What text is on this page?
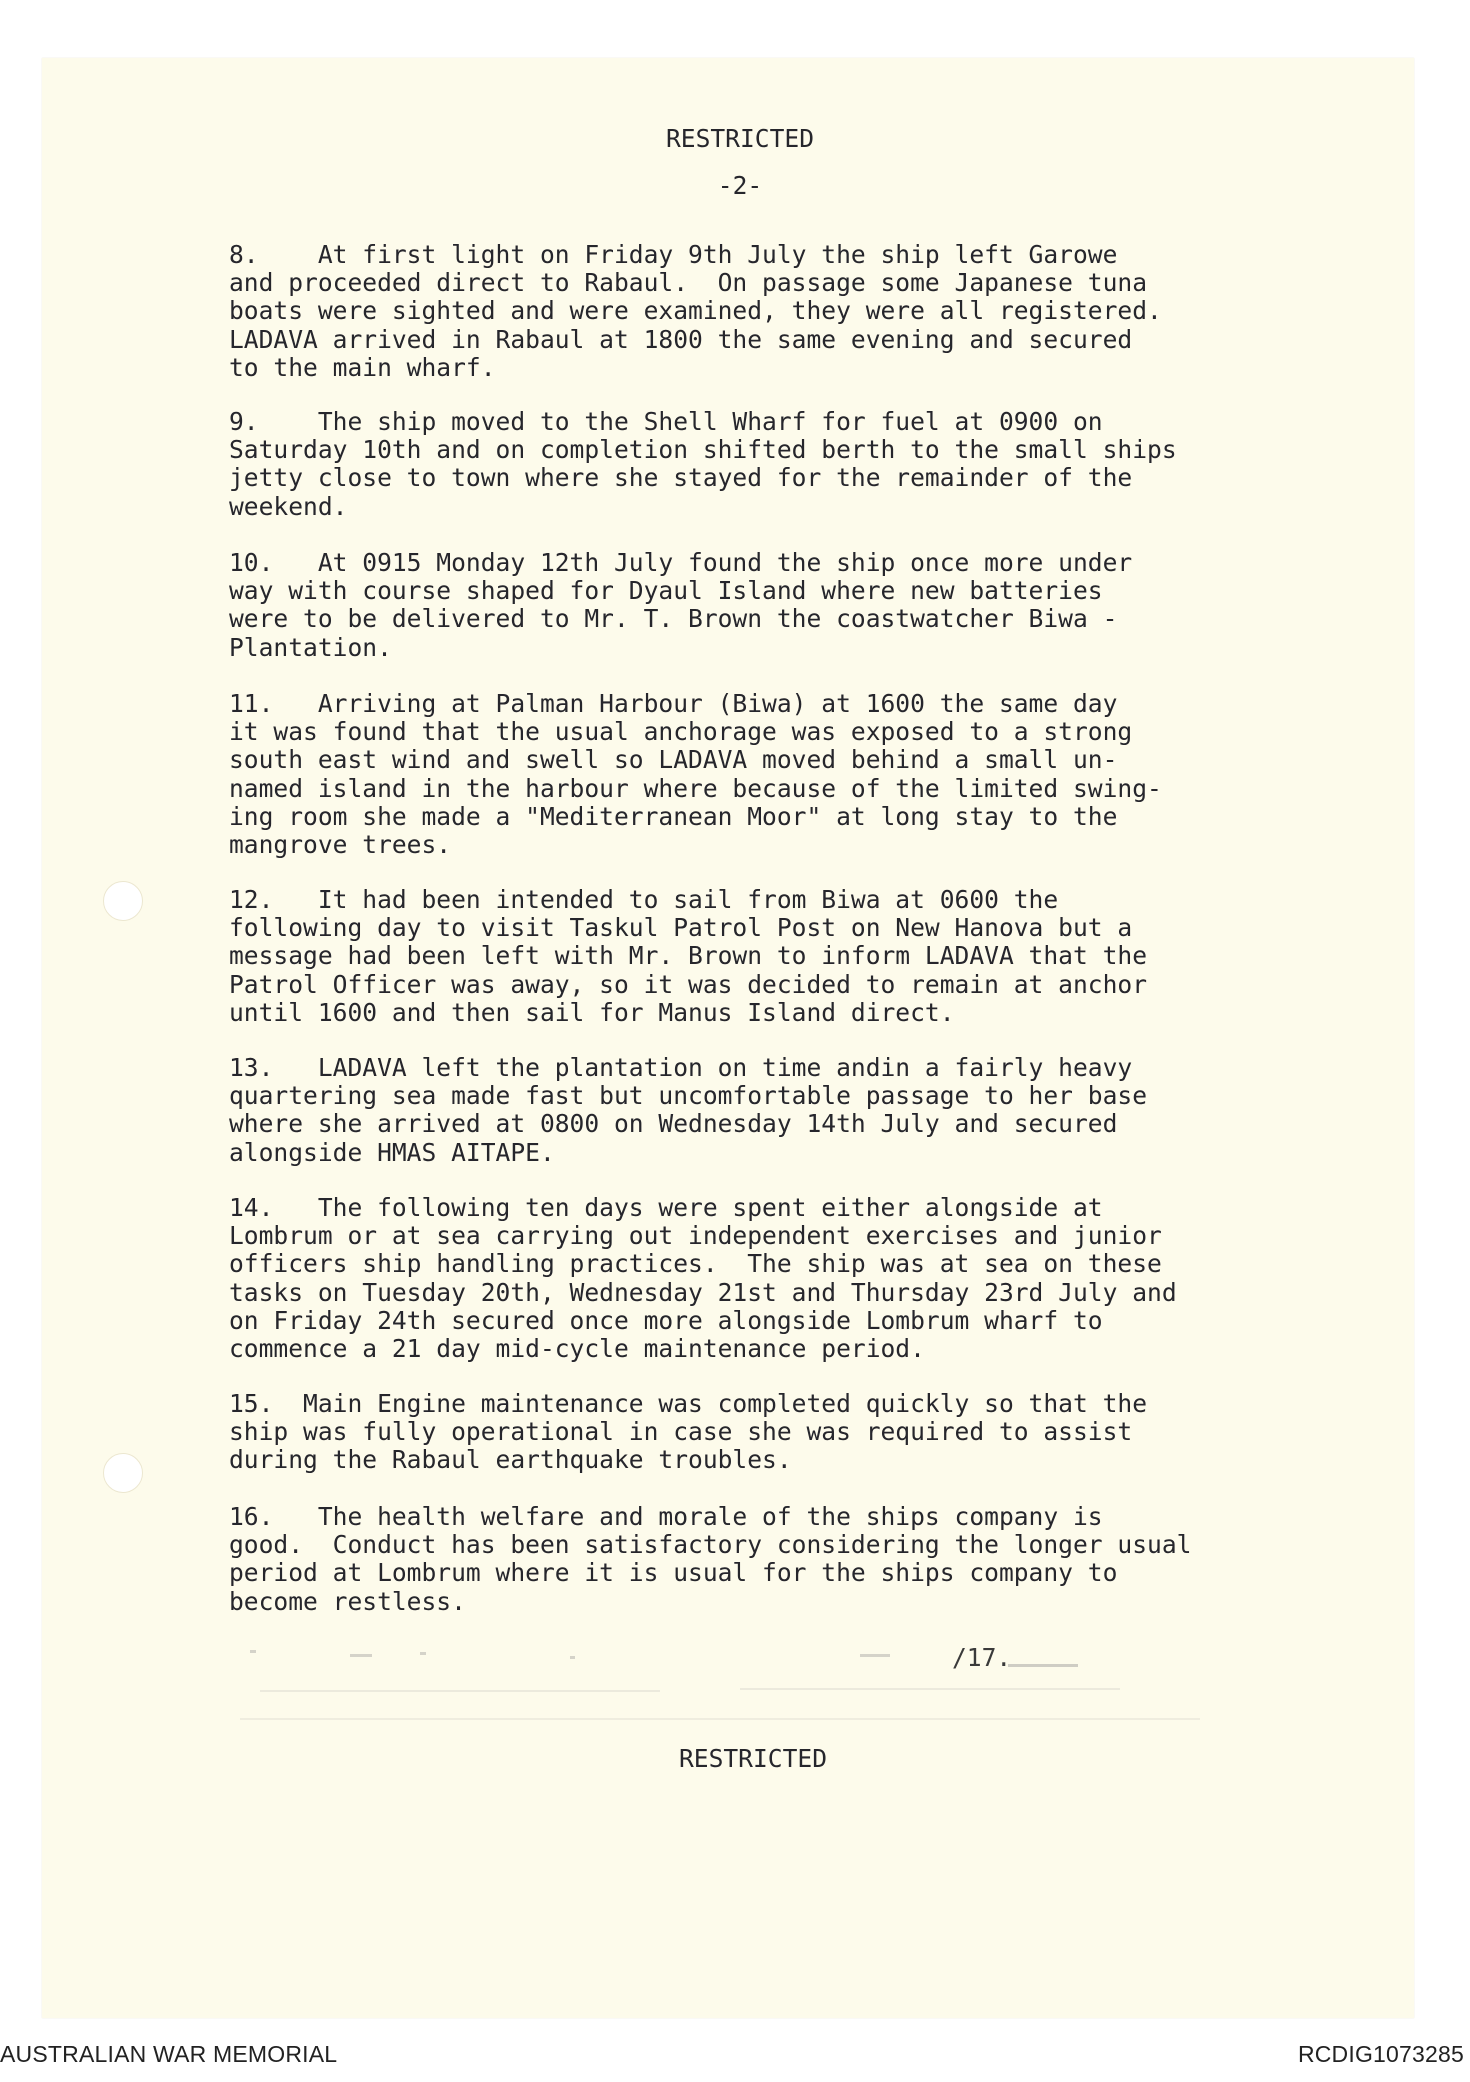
RESTRICTED
-2-
8.    At first light on Friday 9th July the ship left Garowe
and proceeded direct to Rabaul.  On passage some Japanese tuna
boats were sighted and were examined, they were all registered.
LADAVA arrived in Rabaul at 1800 the same evening and secured
to the main wharf.
9.    The ship moved to the Shell Wharf for fuel at 0900 on
Saturday 10th and on completion shifted berth to the small ships
jetty close to town where she stayed for the remainder of the
weekend.
10.   At 0915 Monday 12th July found the ship once more under
way with course shaped for Dyaul Island where new batteries
were to be delivered to Mr. T. Brown the coastwatcher Biwa -
Plantation.
11.   Arriving at Palman Harbour (Biwa) at 1600 the same day
it was found that the usual anchorage was exposed to a strong
south east wind and swell so LADAVA moved behind a small un-
named island in the harbour where because of the limited swing-
ing room she made a "Mediterranean Moor" at long stay to the
mangrove trees.
12.   It had been intended to sail from Biwa at 0600 the
following day to visit Taskul Patrol Post on New Hanova but a
message had been left with Mr. Brown to inform LADAVA that the
Patrol Officer was away, so it was decided to remain at anchor
until 1600 and then sail for Manus Island direct.
13.   LADAVA left the plantation on time andin a fairly heavy
quartering sea made fast but uncomfortable passage to her base
where she arrived at 0800 on Wednesday 14th July and secured
alongside HMAS AITAPE.
14.   The following ten days were spent either alongside at
Lombrum or at sea carrying out independent exercises and junior
officers ship handling practices.  The ship was at sea on these
tasks on Tuesday 20th, Wednesday 21st and Thursday 23rd July and
on Friday 24th secured once more alongside Lombrum wharf to
commence a 21 day mid-cycle maintenance period.
15.  Main Engine maintenance was completed quickly so that the
ship was fully operational in case she was required to assist
during the Rabaul earthquake troubles.
16.   The health welfare and morale of the ships company is
good.  Conduct has been satisfactory considering the longer usual
period at Lombrum where it is usual for the ships company to
become restless.
/17.
RESTRICTED
AUSTRALIAN WAR MEMORIAL	RCDIG1073285
